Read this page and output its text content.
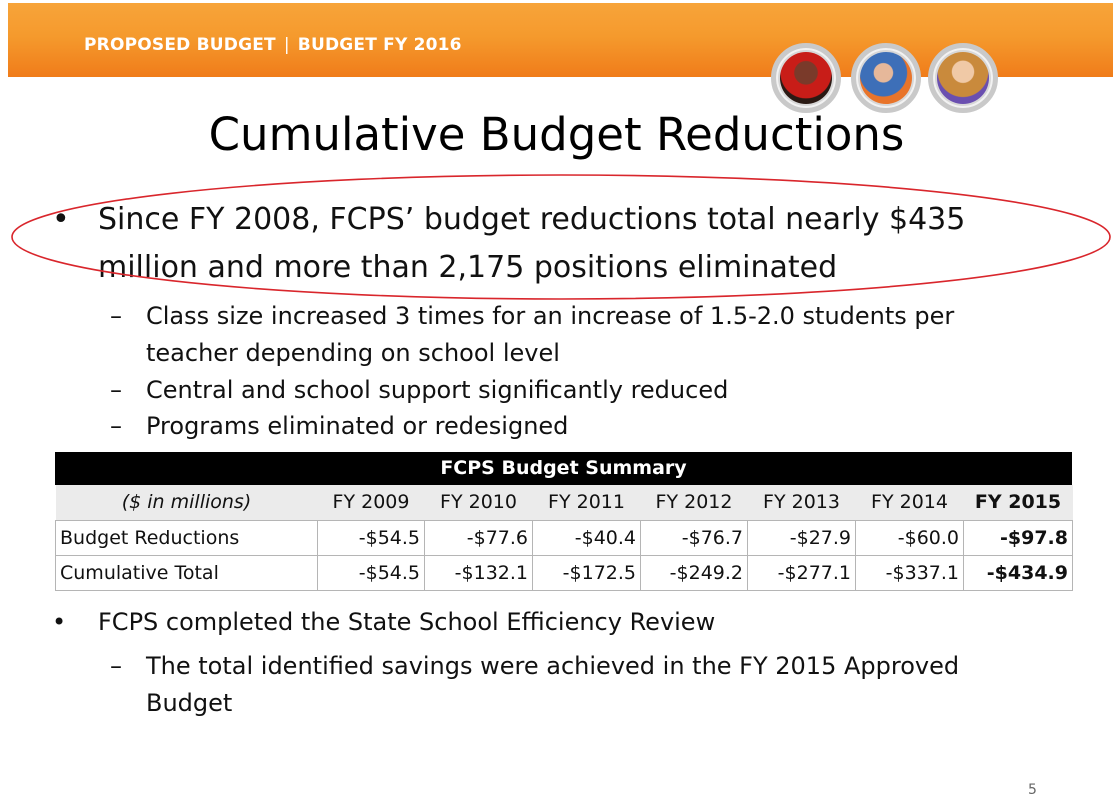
PROPOSED BUDGET | BUDGET FY 2016
Cumulative Budget Reductions
• Since FY 2008, FCPS’ budget reductions total nearly $435 million and more than 2,175 positions eliminated
– Class size increased 3 times for an increase of 1.5-2.0 students per teacher depending on school level
– Central and school support significantly reduced
– Programs eliminated or redesigned
FCPS Budget Summary
($ in millions)	FY 2009	FY 2010	FY 2011	FY 2012	FY 2013	FY 2014	FY 2015
Budget Reductions	-$54.5	-$77.6	-$40.4	-$76.7	-$27.9	-$60.0	-$97.8
Cumulative Total	-$54.5	-$132.1	-$172.5	-$249.2	-$277.1	-$337.1	-$434.9
• FCPS completed the State School Efficiency Review
– The total identified savings were achieved in the FY 2015 Approved Budget
5
